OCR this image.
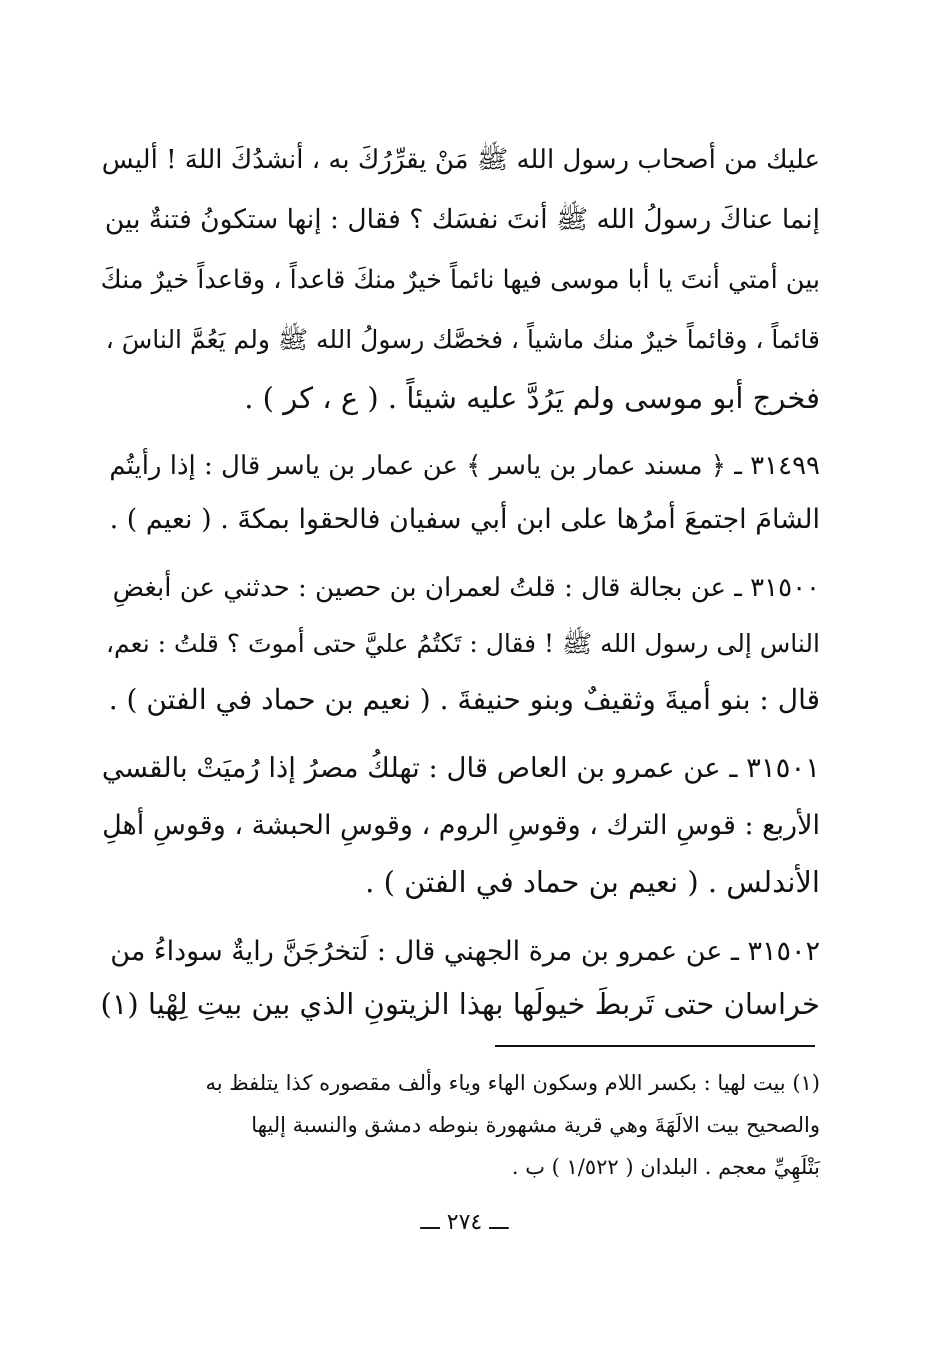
عليك من أصحاب رسول الله ﷺ مَنْ يقرِّرُكَ به ، أنشدُكَ اللهَ ! أليس
إنما عناكَ رسولُ الله ﷺ أنتَ نفسَك ؟ فقال : إنها ستكونُ فتنةٌ بين
بين أمتي أنتَ يا أبا موسى فيها نائماً خيرٌ منكَ قاعداً ، وقاعداً خيرٌ منكَ
قائماً ، وقائماً خيرٌ منك ماشياً ، فخصَّك رسولُ الله ﷺ ولم يَعُمَّ الناسَ ،
فخرج أبو موسى ولم يَرُدَّ عليه شيئاً . ( ع ، كر ) .
٣١٤٩٩ ـ ﴿ مسند عمار بن ياسر ﴾ عن عمار بن ياسر قال : إذا رأيتُم
الشامَ اجتمعَ أمرُها على ابن أبي سفيان فالحقوا بمكةَ . ( نعيم ) .
٣١٥٠٠ ـ عن بجالة قال : قلتُ لعمران بن حصين : حدثني عن أبغضِ
الناس إلى رسول الله ﷺ ! فقال : تَكتُمُ عليَّ حتى أموتَ ؟ قلتُ : نعم،
قال : بنو أميةَ وثقيفٌ وبنو حنيفةَ . ( نعيم بن حماد في الفتن ) .
٣١٥٠١ ـ عن عمرو بن العاص قال : تهلكُ مصرُ إذا رُميَتْ بالقسي
الأربع : قوسِ الترك ، وقوسِ الروم ، وقوسِ الحبشة ، وقوسِ أهلِ
الأندلس . ( نعيم بن حماد في الفتن ) .
٣١٥٠٢ ـ عن عمرو بن مرة الجهني قال : لَتخرُجَنَّ رايةٌ سوداءُ من
خراسان حتى تَربطَ خيولَها بهذا الزيتونِ الذي بين بيتِ لِهْيا (١)
(١) بيت لهيا : بكسر اللام وسكون الهاء وياء وألف مقصوره كذا يتلفظ به
والصحيح بيت الالَهَةَ وهي قرية مشهورة بنوطه دمشق والنسبة إليها
بَتْلَهِيِّ معجم . البلدان ( ١/٥٢٢ ) ب .
ـــ ٢٧٤ ـــ
